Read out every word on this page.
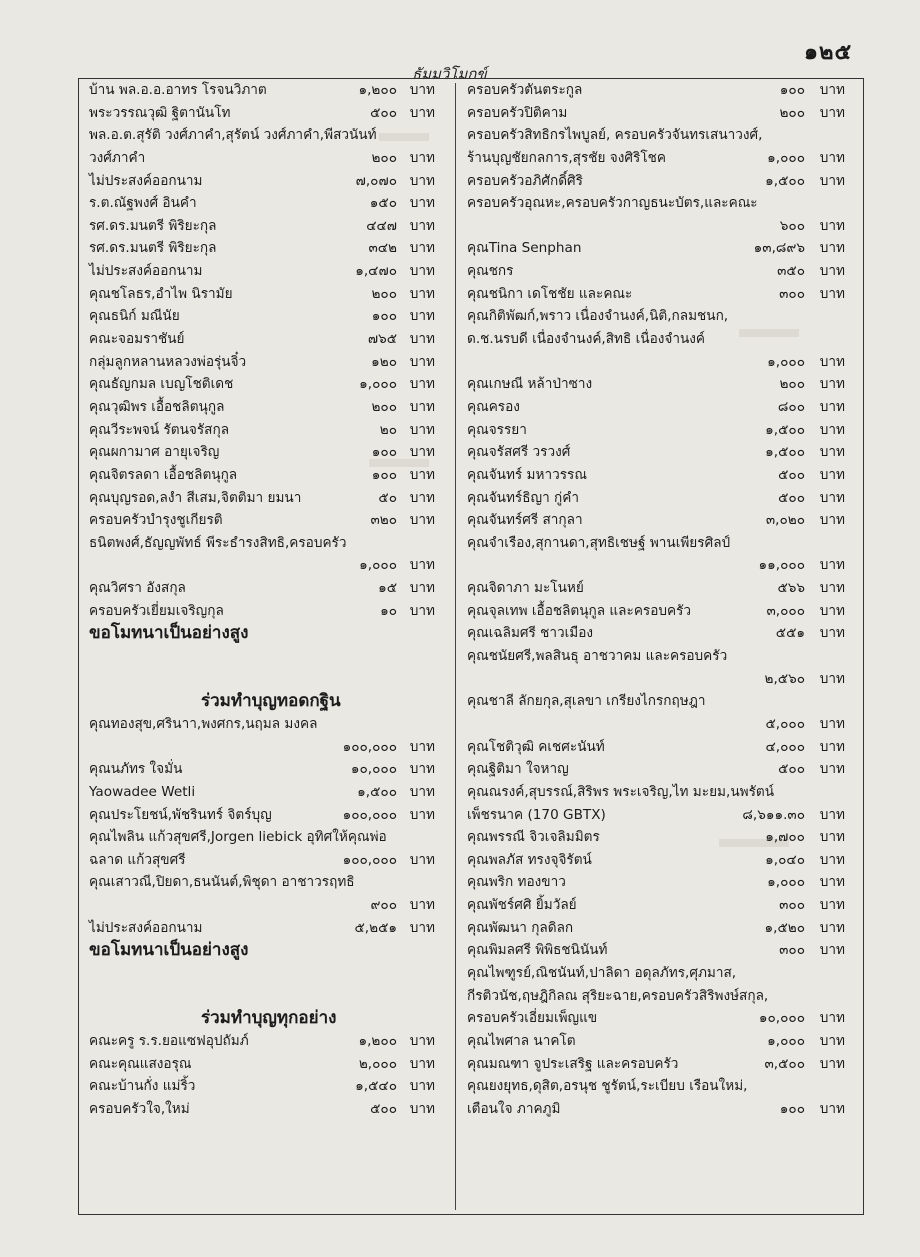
๑๒๕
ธัมมวิโมกข์
บ้าน พล.อ.อ.อาทร โรจนวิภาต	๑,๒๐๐ บาท
พระวรรณวุฒิ ฐิตานันโท	๕๐๐ บาท
พล.อ.ต.สุรัติ วงศ์ภาคำ,สุรัตน์ วงศ์ภาคำ,พีสวนันท์
วงศ์ภาคำ	๒๐๐ บาท
ไม่ประสงค์ออกนาม	๗,๐๗๐ บาท
ร.ต.ณัฐพงศ์ อินคำ	๑๕๐ บาท
รศ.ดร.มนตรี พิริยะกุล	๔๔๗ บาท
รศ.ดร.มนตรี พิริยะกุล	๓๔๒ บาท
ไม่ประสงค์ออกนาม	๑,๔๗๐ บาท
คุณชโลธร,อำไพ นิรามัย	๒๐๐ บาท
คุณธนิก์ มณีนัย	๑๐๐ บาท
คณะจอมราชันย์	๗๖๕ บาท
กลุ่มลูกหลานหลวงพ่อรุ่นจิ๋ว	๑๒๐ บาท
คุณธัญกมล เบญโชติเดช	๑,๐๐๐ บาท
คุณวุฒิพร เอื้อชลิตนุกูล	๒๐๐ บาท
คุณวีระพจน์ รัตนจรัสกุล	๒๐ บาท
คุณผกามาศ อายุเจริญ	๑๐๐ บาท
คุณจิตรลดา เอื้อชลิตนุกูล	๑๐๐ บาท
คุณบุญรอด,ลงำ สีเสม,จิตติมา ยมนา	๕๐ บาท
ครอบครัวบำรุงชูเกียรติ	๓๒๐ บาท
ธนิตพงศ์,ธัญญพัทธ์ พีระธำรงสิทธิ,ครอบครัว
๑,๐๐๐ บาท
คุณวิศรา อังสกุล	๑๕ บาท
ครอบครัวเยี่ยมเจริญกุล	๑๐ บาท
ขอโมทนาเป็นอย่างสูง
ร่วมทำบุญทอดกฐิน
คุณทองสุข,ศรินาา,พงศกร,นฤมล มงคล
๑๐๐,๐๐๐ บาท
คุณนภัทร ใจมั่น	๑๐,๐๐๐ บาท
Yaowadee Wetli	๑,๕๐๐ บาท
คุณประโยชน์,พัชรินทร์ จิตร์บุญ	๑๐๐,๐๐๐ บาท
คุณไพลิน แก้วสุขศรี,Jorgen liebick อุทิศให้คุณพ่อ
ฉลาด แก้วสุขศรี	๑๐๐,๐๐๐ บาท
คุณเสาวณี,ปิยดา,ธนนันต์,พิชุดา อาชาวรฤทธิ
๙๐๐ บาท
ไม่ประสงค์ออกนาม	๕,๒๕๑ บาท
ขอโมทนาเป็นอย่างสูง
ร่วมทำบุญทุกอย่าง
คณะครู ร.ร.ยอแซฟอุปถัมภ์	๑,๒๐๐ บาท
คณะคุณแสงอรุณ	๒,๐๐๐ บาท
คณะบ้านกั่ง แม่ริ้ว	๑,๕๔๐ บาท
ครอบครัวใจ,ใหม่	๕๐๐ บาท
ครอบครัวตันตระกูล	๑๐๐ บาท
ครอบครัวปิติคาม	๒๐๐ บาท
ครอบครัวสิทธิกรไพบูลย์, ครอบครัวจันทรเสนาวงศ์,
ร้านบุญชัยกลการ,สุรชัย จงศิริโชค	๑,๐๐๐ บาท
ครอบครัวอภิศักดิ์ศิริ	๑,๕๐๐ บาท
ครอบครัวอุณหะ,ครอบครัวกาญธนะบัตร,และคณะ
๖๐๐ บาท
คุณTina Senphan	๑๓,๘๙๖ บาท
คุณชกร	๓๕๐ บาท
คุณชนิกา เดโชชัย และคณะ	๓๐๐ บาท
คุณกิติพัฒก์,พราว เนื่องจำนงค์,นิติ,กลมชนก,
ด.ช.นรบดี เนื่องจำนงค์,สิทธิ เนื่องจำนงค์
๑,๐๐๐ บาท
คุณเกษณี หล้าป่าซาง	๒๐๐ บาท
คุณครอง	๘๐๐ บาท
คุณจรรยา	๑,๕๐๐ บาท
คุณจรัสศรี วรวงศ์	๑,๕๐๐ บาท
คุณจันทร์ มหาวรรณ	๕๐๐ บาท
คุณจันทร์ธิญา กู่คำ	๕๐๐ บาท
คุณจันทร์ศรี สากุลา	๓,๐๒๐ บาท
คุณจำเรือง,สุกานดา,สุทธิเชษฐ์ พานเพียรศิลป์
๑๑,๐๐๐ บาท
คุณจิดาภา มะโนหย์	๕๖๖ บาท
คุณจุลเทพ เอื้อชลิตนุกูล และครอบครัว	๓,๐๐๐ บาท
คุณเฉลิมศรี ชาวเมือง	๕๕๑ บาท
คุณชนัยศรี,พลสินธุ อาชวาคม และครอบครัว
๒,๕๖๐ บาท
คุณชาลี ลักยกุล,สุเลขา เกรียงไกรกฤษฎา
๕,๐๐๐ บาท
คุณโชติวุฒิ คเชศะนันท์	๔,๐๐๐ บาท
คุณฐิติมา ใจหาญ	๕๐๐ บาท
คุณณรงค์,สุบรรณ์,สิริพร พระเจริญ,ไท มะยม,นพรัตน์
เพ็ชรนาค (170 GBTX)	๘,๖๑๑.๓๐ บาท
คุณพรรณี จิวเจลิมมิตร	๑,๗๐๐ บาท
คุณพลภัส ทรงจุจิรัตน์	๑,๐๔๐ บาท
คุณพริก ทองขาว	๑,๐๐๐ บาท
คุณพัชร์ศศิ ยิ้มวัลย์	๓๐๐ บาท
คุณพัฒนา กุลดิลก	๑,๕๒๐ บาท
คุณพิมลศรี พิพิธชนินันท์	๓๐๐ บาท
คุณไพฑูรย์,ณิชนันท์,ปาลิดา อดุลภัทร,ศุภมาส,
กีรติวนัช,ฤษฎิกิลณ สุริยะฉาย,ครอบครัวสิริพงษ์สกุล,
ครอบครัวเอี่ยมเพ็ญแข	๑๐,๐๐๐ บาท
คุณไพศาล นาคโต	๑,๐๐๐ บาท
คุณมณฑา จูประเสริฐ และครอบครัว	๓,๕๐๐ บาท
คุณยงยุทธ,ดุสิต,อรนุช ชูรัตน์,ระเบียบ เรือนใหม่,
เตือนใจ ภาคภูมิ	๑๐๐ บาท
